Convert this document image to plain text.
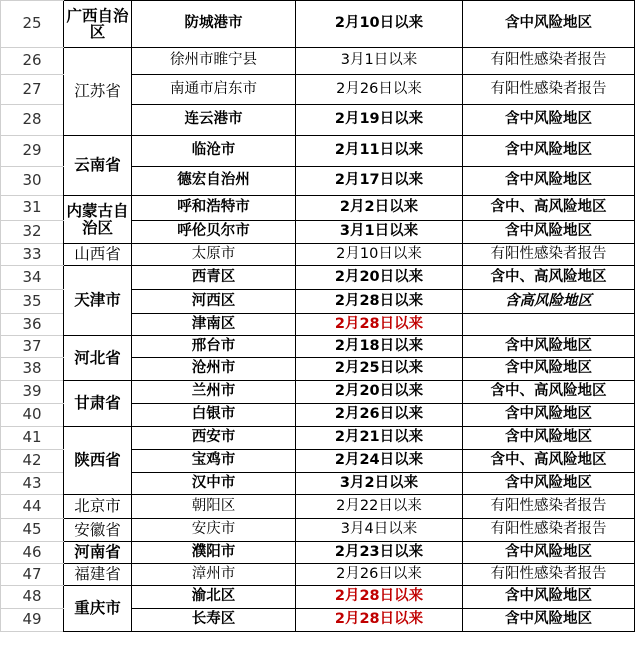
25	广西自治区	防城港市	2月10日以来	含中风险地区
26	江苏省	徐州市睢宁县	3月1日以来	有阳性感染者报告
27		南通市启东市	2月26日以来	有阳性感染者报告
28		连云港市	2月19日以来	含中风险地区
29	云南省	临沧市	2月11日以来	含中风险地区
30		德宏自治州	2月17日以来	含中风险地区
31	内蒙古自治区	呼和浩特市	2月2日以来	含中、高风险地区
32		呼伦贝尔市	3月1日以来	含中风险地区
33	山西省	太原市	2月10日以来	有阳性感染者报告
34	天津市	西青区	2月20日以来	含中、高风险地区
35		河西区	2月28日以来	含高风险地区
36		津南区	2月28日以来	
37	河北省	邢台市	2月18日以来	含中风险地区
38		沧州市	2月25日以来	含中风险地区
39	甘肃省	兰州市	2月20日以来	含中、高风险地区
40		白银市	2月26日以来	含中风险地区
41	陕西省	西安市	2月21日以来	含中风险地区
42		宝鸡市	2月24日以来	含中、高风险地区
43		汉中市	3月2日以来	含中风险地区
44	北京市	朝阳区	2月22日以来	有阳性感染者报告
45	安徽省	安庆市	3月4日以来	有阳性感染者报告
46	河南省	濮阳市	2月23日以来	含中风险地区
47	福建省	漳州市	2月26日以来	有阳性感染者报告
48	重庆市	渝北区	2月28日以来	含中风险地区
49		长寿区	2月28日以来	含中风险地区
